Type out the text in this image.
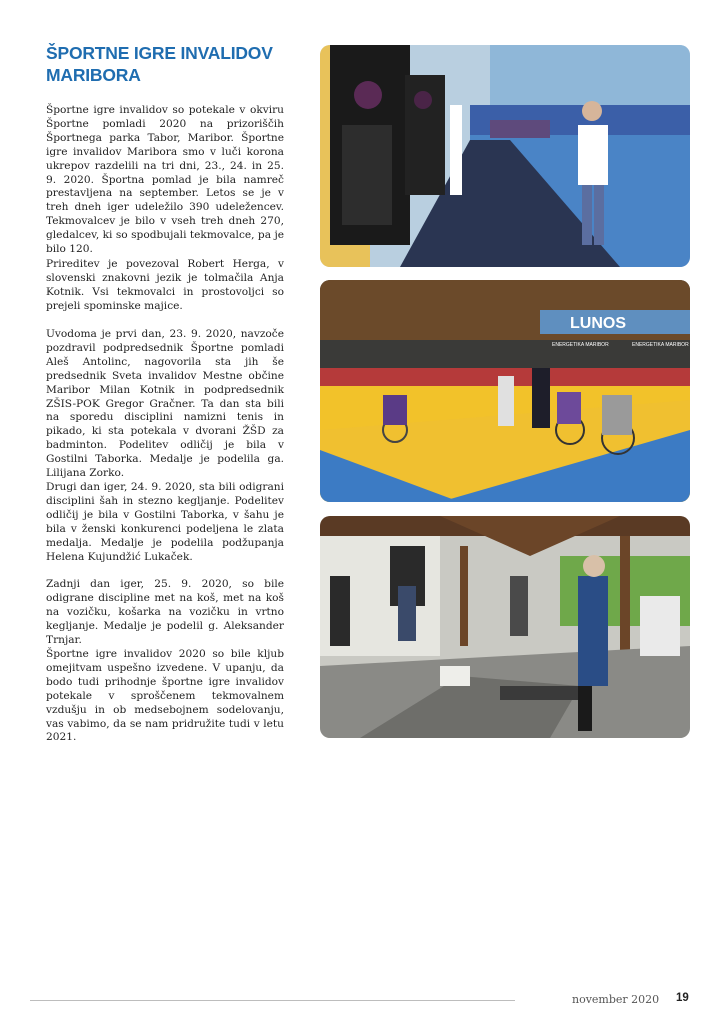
ŠPORTNE IGRE INVALIDOV
MARIBORA

Športne igre invalidov so potekale v okviru Športne pomladi 2020 na prizoriščih Športnega parka Tabor, Maribor. Športne igre invalidov Maribora smo v luči korona ukrepov razdelili na tri dni, 23., 24. in 25. 9. 2020. Športna pomlad je bila namreč prestavljena na september. Letos se je v treh dneh iger udeležilo 390 udeležencev. Tekmovalcev je bilo v vseh treh dneh 270, gledalcev, ki so spodbujali tekmovalce, pa je bilo 120.

Prireditev je povezoval Robert Herga, v slovenski znakovni jezik je tolmačila Anja Kotnik. Vsi tekmovalci in prostovoljci so prejeli spominske majice.

Uvodoma je prvi dan, 23. 9. 2020, navzoče pozdravil podpredsednik Športne pomladi Aleš Antolinc, nagovorila sta jih še predsednik Sveta invalidov Mestne občine Maribor Milan Kotnik in podpredsednik ZŠIS-POK Gregor Gračner. Ta dan sta bili na sporedu disciplini namizni tenis in pikado, ki sta potekala v dvorani ŽŠD za badminton. Podelitev odličij je bila v Gostilni Taborka. Medalje je podelila ga. Lilijana Zorko.

Drugi dan iger, 24. 9. 2020, sta bili odigrani disciplini šah in stezno kegljanje. Podelitev odličij je bila v Gostilni Taborka, v šahu je bila v ženski konkurenci podeljena le zlata medalja. Medalje je podelila podžupanja Helena Kujundžić Lukaček.

Zadnji dan iger, 25. 9. 2020, so bile odigrane discipline met na koš, met na koš na vozičku, košarka na vozičku in vrtno kegljanje. Medalje je podelil g. Aleksander Trnjar.

Športne igre invalidov 2020 so bile kljub omejitvam uspešno izvedene. V upanju, da bodo tudi prihodnje športne igre invalidov potekale v sproščenem tekmovalnem vzdušju in ob medsebojnem sodelovanju, vas vabimo, da se nam pridružite tudi v letu 2021.

LUNOS
ENERGETIKA MARIBOR	ENERGETIKA MARIBOR
november 2020 19
